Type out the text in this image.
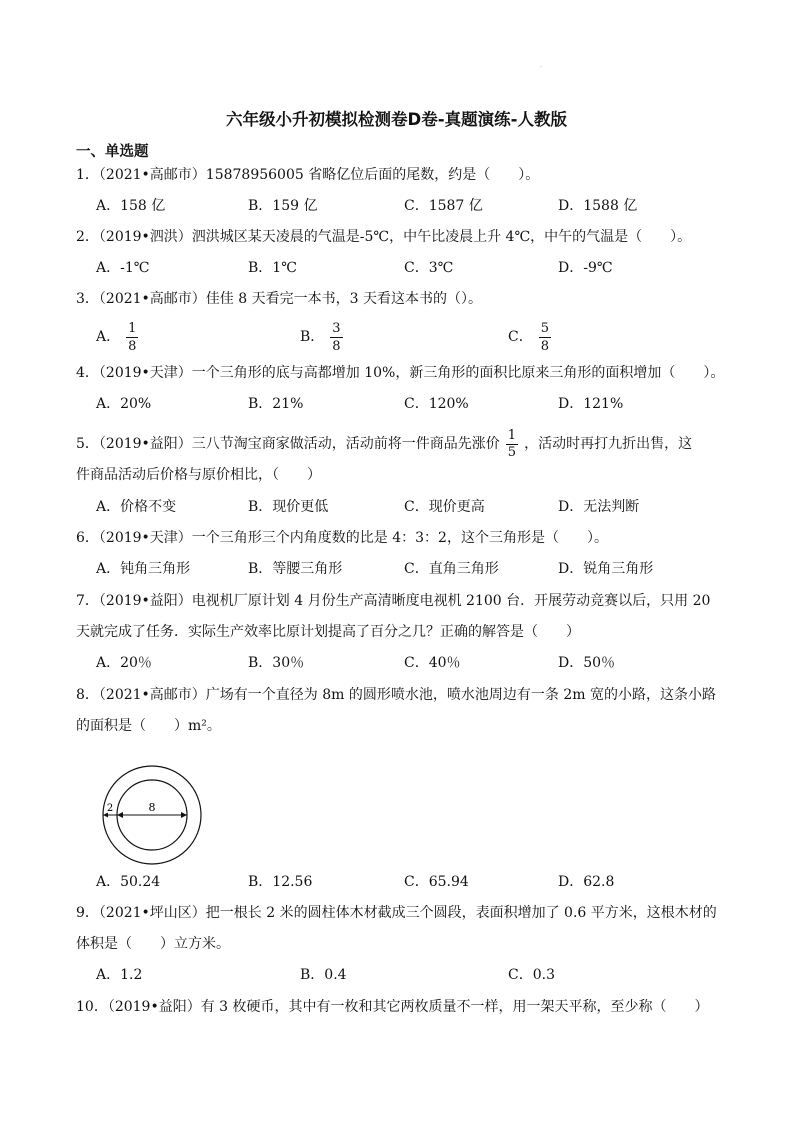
·
六年级小升初模拟检测卷D卷-真题演练-人教版
一、单选题
1．（2021•高邮市）15878956005 省略亿位后面的尾数，约是（　　）。
A．158 亿	B．159 亿	C．1587 亿	D．1588 亿
2．（2019•泗洪）泗洪城区某天凌晨的气温是-5℃，中午比凌晨上升 4℃，中午的气温是（　　）。
A．-1℃	B．1℃	C．3℃	D．-9℃
3．（2021•高邮市）佳佳 8 天看完一本书，3 天看这本书的（）。
A． $\frac{1}{8}$	B． $\frac{3}{8}$	C． $\frac{5}{8}$
4．（2019•天津）一个三角形的底与高都增加 10%，新三角形的面积比原来三角形的面积增加（　　）。
A．20%	B．21%	C．120%	D．121%
5．（2019•益阳）三八节淘宝商家做活动，活动前将一件商品先涨价 $\frac{1}{5}$ ，活动时再打九折出售，这
件商品活动后价格与原价相比，（　　）
A．价格不变	B．现价更低	C．现价更高	D．无法判断
6．（2019•天津）一个三角形三个内角度数的比是 4：3：2，这个三角形是（　　）。
A．钝角三角形	B．等腰三角形	C．直角三角形	D．锐角三角形
7．（2019•益阳）电视机厂原计划 4 月份生产高清晰度电视机 2100 台．开展劳动竞赛以后，只用 20
天就完成了任务．实际生产效率比原计划提高了百分之几？正确的解答是（　　）
A．20％	B．30％	C．40％	D．50％
8．（2021•高邮市）广场有一个直径为 8m 的圆形喷水池，喷水池周边有一条 2m 宽的小路，这条小路
的面积是（　　）m²。
8
2
A．50.24	B．12.56	C．65.94	D．62.8
9．（2021•坪山区）把一根长 2 米的圆柱体木材截成三个圆段，表面积增加了 0.6 平方米，这根木材的
体积是（　　）立方米。
A．1.2	B．0.4	C．0.3
10．（2019•益阳）有 3 枚硬币，其中有一枚和其它两枚质量不一样，用一架天平称，至少称（　　）
